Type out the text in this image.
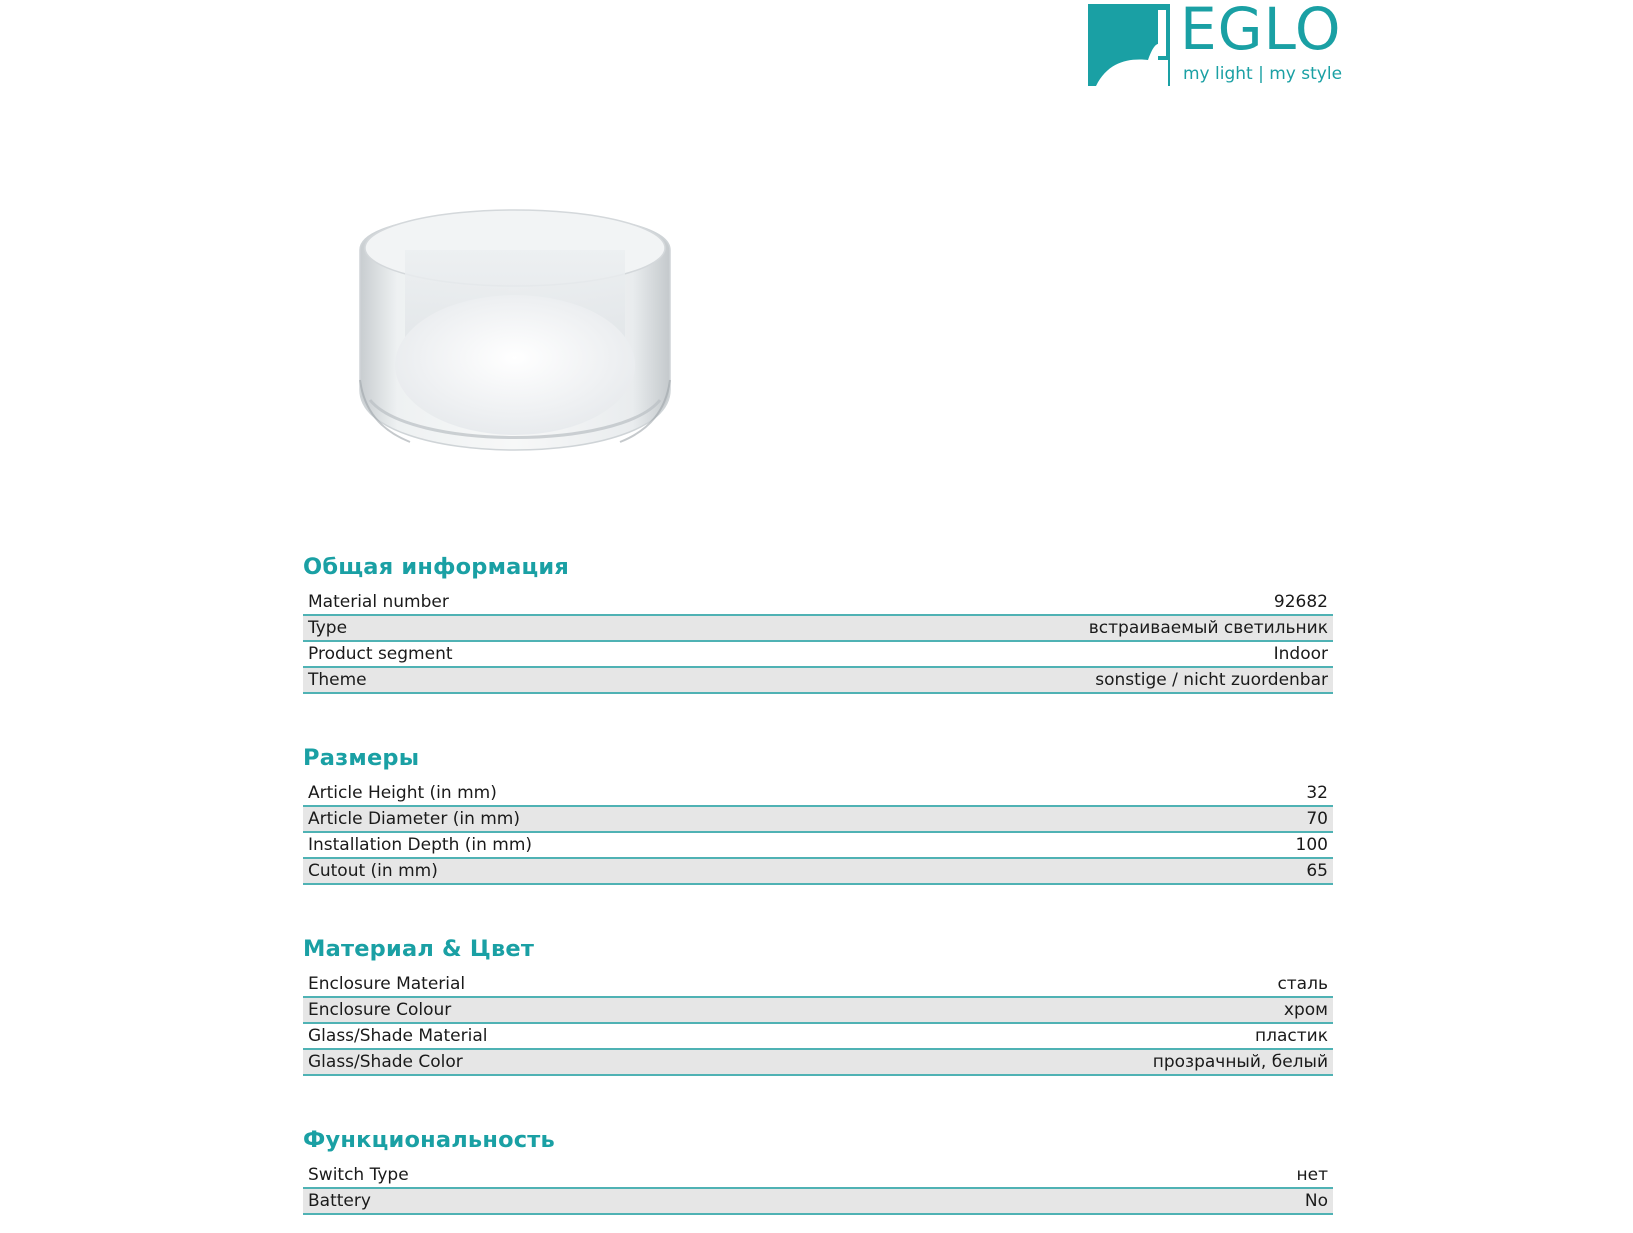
EGLO
my light | my style
Общая информация
Material number	92682
Type	встраиваемый светильник
Product segment	Indoor
Theme	sonstige / nicht zuordenbar
Размеры
Article Height (in mm)	32
Article Diameter (in mm)	70
Installation Depth (in mm)	100
Cutout (in mm)	65
Материал & Цвет
Enclosure Material	сталь
Enclosure Colour	хром
Glass/Shade Material	пластик
Glass/Shade Color	прозрачный, белый
Функциональность
Switch Type	нет
Battery	No
